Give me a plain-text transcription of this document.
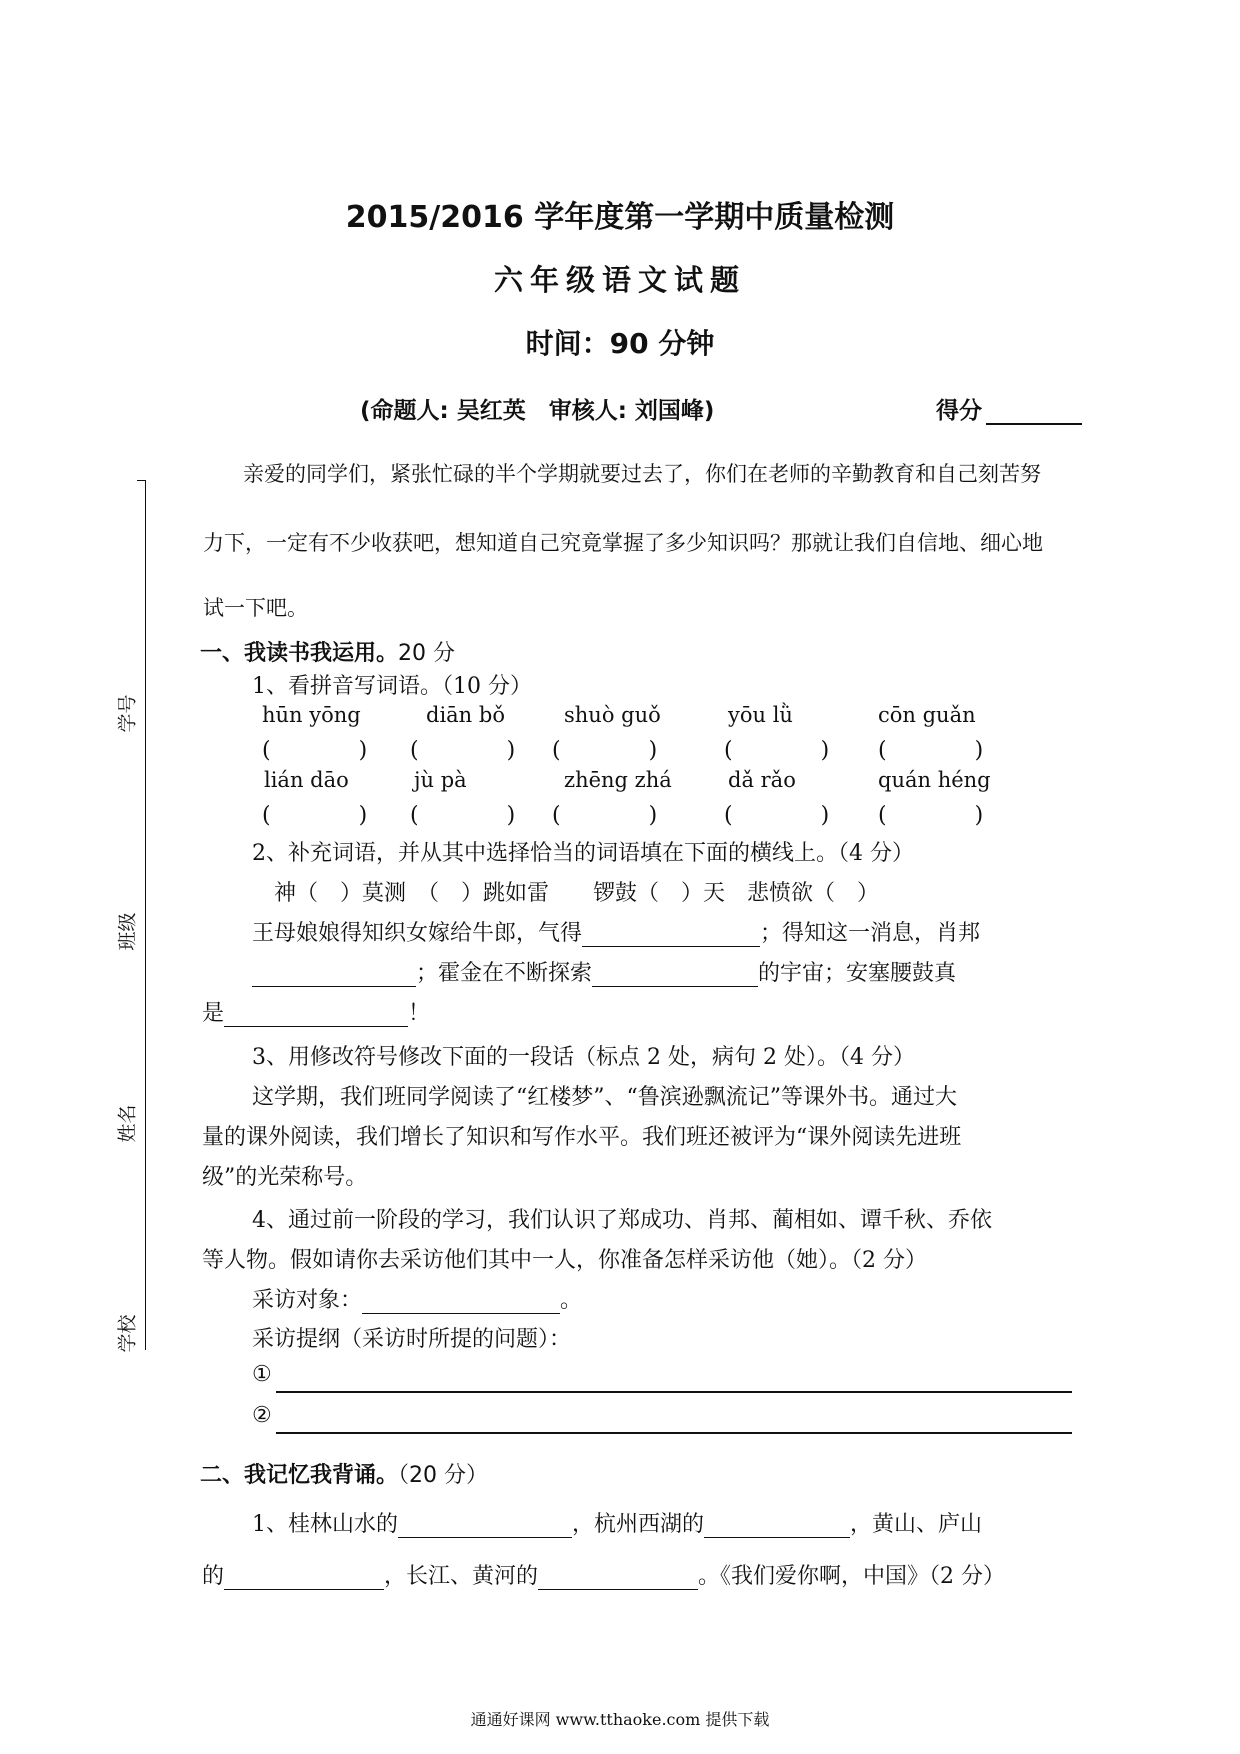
2015/2016 学年度第一学期中质量检测
六年级语文试题
时间：90 分钟
(命题人: 吴红英　审核人: 刘国峰)	得分
亲爱的同学们，紧张忙碌的半个学期就要过去了，你们在老师的辛勤教育和自己刻苦努
力下，一定有不少收获吧，想知道自己究竟掌握了多少知识吗？那就让我们自信地、细心地
试一下吧。
学号
班级
姓名
学校
一、我读书我运用。20 分
1、看拼音写词语。（10 分）
hūn yōng	diān bǒ	shuò guǒ	yōu lǜ	cōn guǎn
(　　　　) (　　　　) (　　　　)	(　　　　) (　　　　)
lián dāo	jù pà	zhēng zhá	dǎ rǎo	quán héng
(　　　　) (　　　　) (　　　　)	(　　　　) (　　　　)
2、补充词语，并从其中选择恰当的词语填在下面的横线上。（4 分）
神（　）莫测　（　）跳如雷　　锣鼓（　）天　悲愤欲（　）
王母娘娘得知织女嫁给牛郎，气得	；得知这一消息，肖邦
；霍金在不断探索	的宇宙；安塞腰鼓真
是	！
3、用修改符号修改下面的一段话（标点 2 处，病句 2 处）。（4 分）
这学期，我们班同学阅读了“红楼梦”、“鲁滨逊飘流记”等课外书。通过大
量的课外阅读，我们增长了知识和写作水平。我们班还被评为“课外阅读先进班
级”的光荣称号。
4、通过前一阶段的学习，我们认识了郑成功、肖邦、蔺相如、谭千秋、乔依
等人物。假如请你去采访他们其中一人，你准备怎样采访他（她）。（2 分）
采访对象：	。
采访提纲（采访时所提的问题）：
①
②
二、我记忆我背诵。（20 分）
1、桂林山水的	，杭州西湖的	，黄山、庐山
的	，长江、黄河的	。《我们爱你啊，中国》（2 分）
通通好课网 www.tthaoke.com 提供下载
